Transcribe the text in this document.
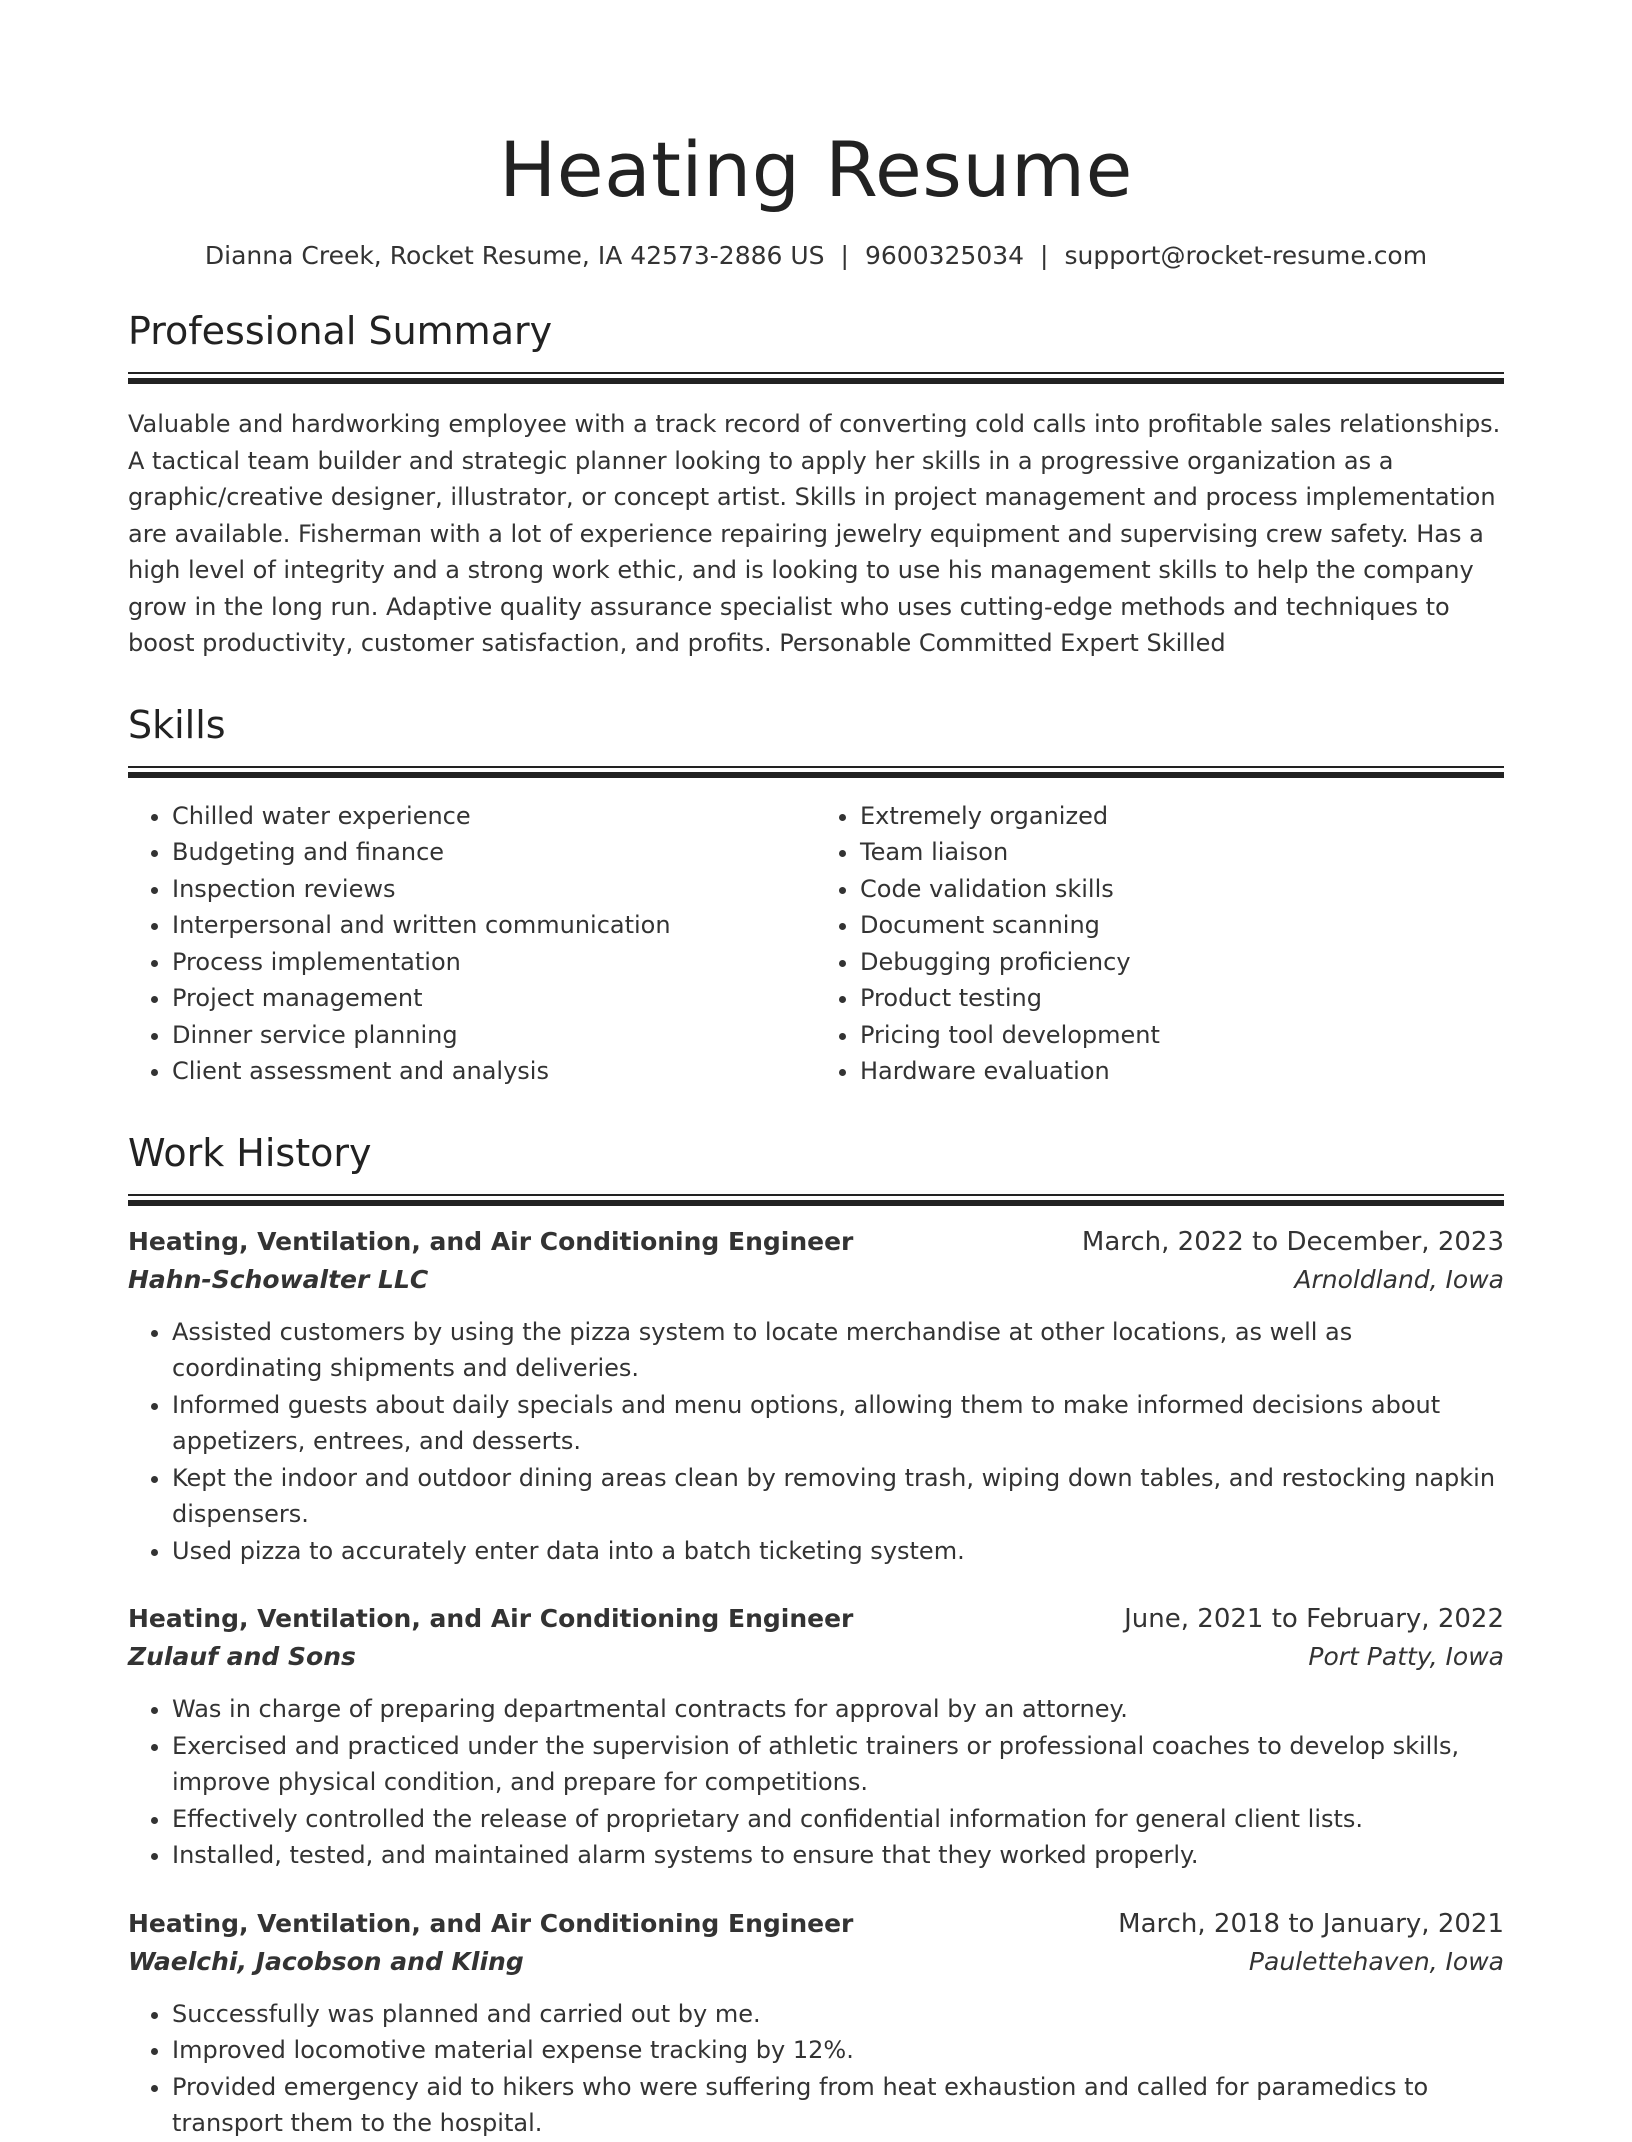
Heating Resume
Dianna Creek, Rocket Resume, IA 42573-2886 US | 9600325034 | support@rocket-resume.com
Professional Summary

Valuable and hardworking employee with a track record of converting cold calls into profitable sales relationships. A tactical team builder and strategic planner looking to apply her skills in a progressive organization as a graphic/creative designer, illustrator, or concept artist. Skills in project management and process implementation are available. Fisherman with a lot of experience repairing jewelry equipment and supervising crew safety. Has a high level of integrity and a strong work ethic, and is looking to use his management skills to help the company grow in the long run. Adaptive quality assurance specialist who uses cutting-edge methods and techniques to boost productivity, customer satisfaction, and profits. Personable Committed Expert Skilled

Skills
• Chilled water experience
• Budgeting and finance
• Inspection reviews
• Interpersonal and written communication
• Process implementation
• Project management
• Dinner service planning
• Client assessment and analysis
• Extremely organized
• Team liaison
• Code validation skills
• Document scanning
• Debugging proficiency
• Product testing
• Pricing tool development
• Hardware evaluation
Work History
Heating, Ventilation, and Air Conditioning Engineer	March, 2022 to December, 2023
Hahn-Schowalter LLC	Arnoldland, Iowa
• Assisted customers by using the pizza system to locate merchandise at other locations, as well as coordinating shipments and deliveries.
• Informed guests about daily specials and menu options, allowing them to make informed decisions about appetizers, entrees, and desserts.
• Kept the indoor and outdoor dining areas clean by removing trash, wiping down tables, and restocking napkin dispensers.
• Used pizza to accurately enter data into a batch ticketing system.
Heating, Ventilation, and Air Conditioning Engineer	June, 2021 to February, 2022
Zulauf and Sons	Port Patty, Iowa
• Was in charge of preparing departmental contracts for approval by an attorney.
• Exercised and practiced under the supervision of athletic trainers or professional coaches to develop skills, improve physical condition, and prepare for competitions.
• Effectively controlled the release of proprietary and confidential information for general client lists.
• Installed, tested, and maintained alarm systems to ensure that they worked properly.
Heating, Ventilation, and Air Conditioning Engineer	March, 2018 to January, 2021
Waelchi, Jacobson and Kling	Paulettehaven, Iowa
• Successfully was planned and carried out by me.
• Improved locomotive material expense tracking by 12%.
• Provided emergency aid to hikers who were suffering from heat exhaustion and called for paramedics to transport them to the hospital.
